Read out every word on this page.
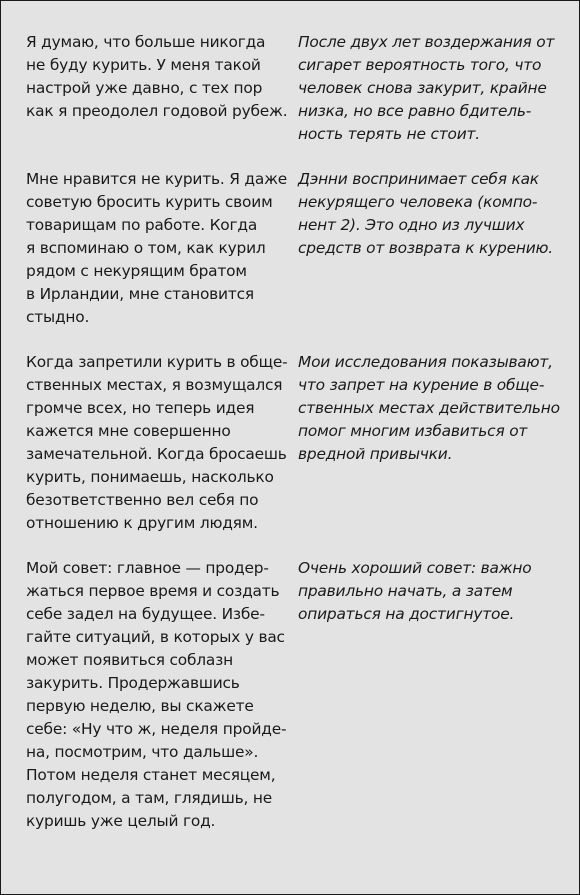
Я думаю, что больше никогда
не буду курить. У меня такой
настрой уже давно, с тех пор
как я преодолел годовой рубеж.
После двух лет воздержания от
сигарет вероятность того, что
человек снова закурит, крайне
низка, но все равно бдитель-
ность терять не стоит.
Мне нравится не курить. Я даже
советую бросить курить своим
товарищам по работе. Когда
я вспоминаю о том, как курил
рядом с некурящим братом
в Ирландии, мне становится
стыдно.
Дэнни воспринимает себя как
некурящего человека (компо-
нент 2). Это одно из лучших
средств от возврата к курению.
Когда запретили курить в обще-
ственных местах, я возмущался
громче всех, но теперь идея
кажется мне совершенно
замечательной. Когда бросаешь
курить, понимаешь, насколько
безответственно вел себя по
отношению к другим людям.
Мои исследования показывают,
что запрет на курение в обще-
ственных местах действительно
помог многим избавиться от
вредной привычки.
Мой совет: главное — продер-
жаться первое время и создать
себе задел на будущее. Избе-
гайте ситуаций, в которых у вас
может появиться соблазн
закурить. Продержавшись
первую неделю, вы скажете
себе: «Ну что ж, неделя пройде-
на, посмотрим, что дальше».
Потом неделя станет месяцем,
полугодом, а там, глядишь, не
куришь уже целый год.
Очень хороший совет: важно
правильно начать, а затем
опираться на достигнутое.
